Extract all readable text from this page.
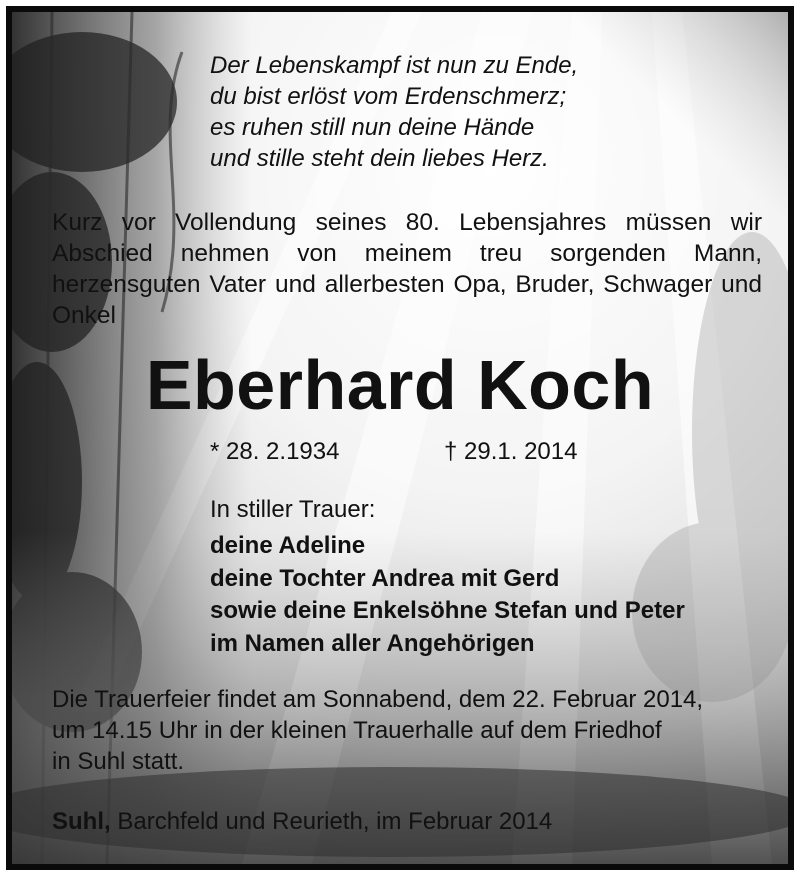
Der Lebenskampf ist nun zu Ende,
du bist erlöst vom Erdenschmerz;
es ruhen still nun deine Hände
und stille steht dein liebes Herz.
Kurz vor Vollendung seines 80. Lebensjahres müssen wir Abschied nehmen von meinem treu sorgenden Mann, herzensguten Vater und allerbesten Opa, Bruder, Schwager und Onkel
Eberhard Koch
* 28. 2.1934	† 29.1. 2014
In stiller Trauer:
deine Adeline
deine Tochter Andrea mit Gerd
sowie deine Enkelsöhne Stefan und Peter
im Namen aller Angehörigen
Die Trauerfeier findet am Sonnabend, dem 22. Februar 2014,
um 14.15 Uhr in der kleinen Trauerhalle auf dem Friedhof
in Suhl statt.
Suhl, Barchfeld und Reurieth, im Februar 2014
